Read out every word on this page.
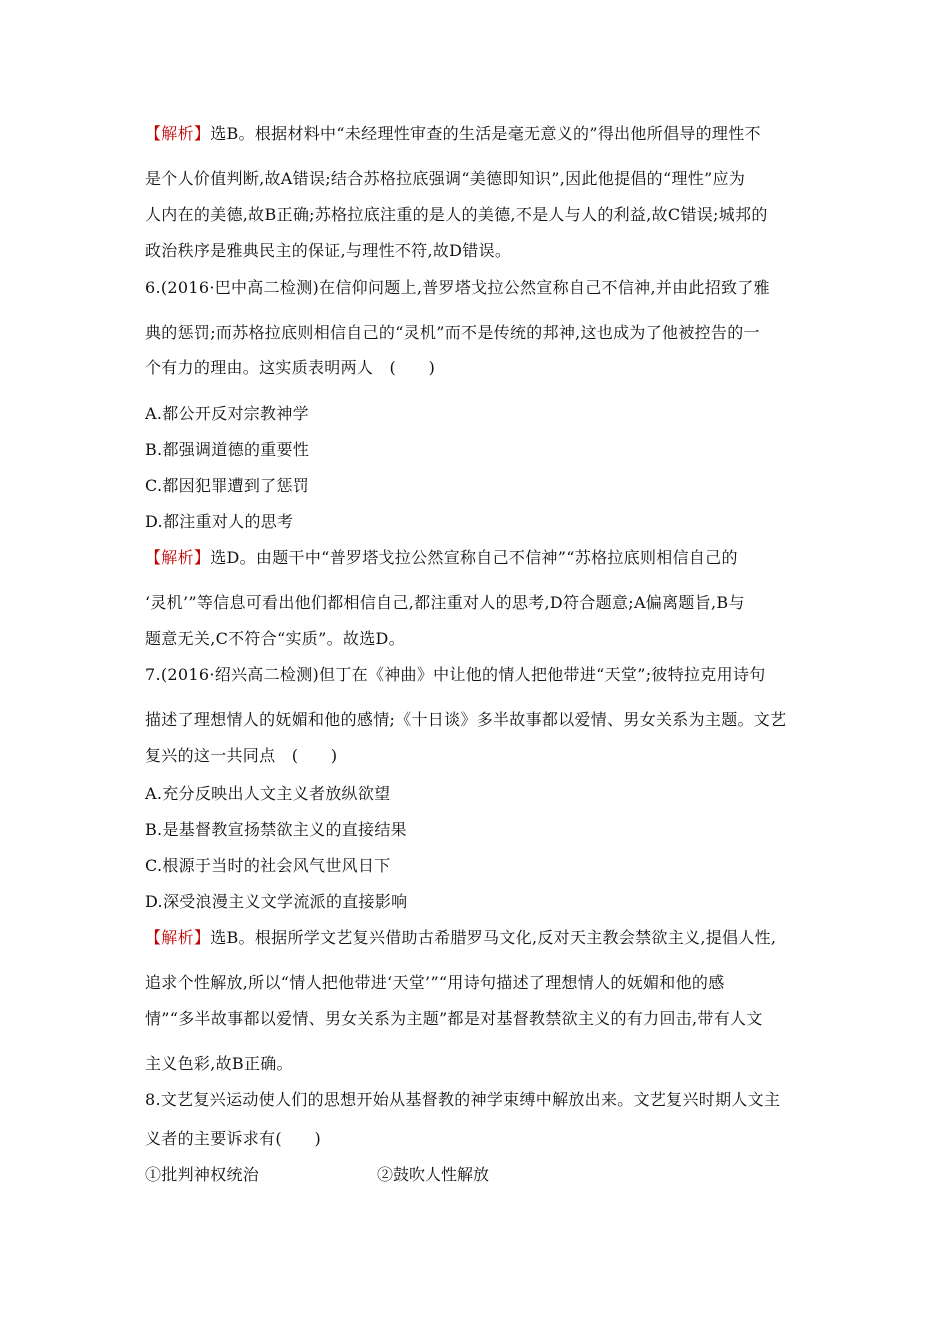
【解析】选B。根据材料中“未经理性审查的生活是毫无意义的”得出他所倡导的理性不
是个人价值判断,故A错误;结合苏格拉底强调“美德即知识”,因此他提倡的“理性”应为
人内在的美德,故B正确;苏格拉底注重的是人的美德,不是人与人的利益,故C错误;城邦的
政治秩序是雅典民主的保证,与理性不符,故D错误。
6.(2016·巴中高二检测)在信仰问题上,普罗塔戈拉公然宣称自己不信神,并由此招致了雅
典的惩罚;而苏格拉底则相信自己的“灵机”而不是传统的邦神,这也成为了他被控告的一
个有力的理由。这实质表明两人　(　　)
A.都公开反对宗教神学
B.都强调道德的重要性
C.都因犯罪遭到了惩罚
D.都注重对人的思考
【解析】选D。由题干中“普罗塔戈拉公然宣称自己不信神”“苏格拉底则相信自己的
‘灵机’”等信息可看出他们都相信自己,都注重对人的思考,D符合题意;A偏离题旨,B与
题意无关,C不符合“实质”。故选D。
7.(2016·绍兴高二检测)但丁在《神曲》中让他的情人把他带进“天堂”;彼特拉克用诗句
描述了理想情人的妩媚和他的感情;《十日谈》多半故事都以爱情、男女关系为主题。文艺
复兴的这一共同点　(　　)
A.充分反映出人文主义者放纵欲望
B.是基督教宣扬禁欲主义的直接结果
C.根源于当时的社会风气世风日下
D.深受浪漫主义文学流派的直接影响
【解析】选B。根据所学文艺复兴借助古希腊罗马文化,反对天主教会禁欲主义,提倡人性,
追求个性解放,所以“情人把他带进‘天堂’”“用诗句描述了理想情人的妩媚和他的感
情”“多半故事都以爱情、男女关系为主题”都是对基督教禁欲主义的有力回击,带有人文
主义色彩,故B正确。
8.文艺复兴运动使人们的思想开始从基督教的神学束缚中解放出来。文艺复兴时期人文主
义者的主要诉求有(　　)
①批判神权统治	②鼓吹人性解放
